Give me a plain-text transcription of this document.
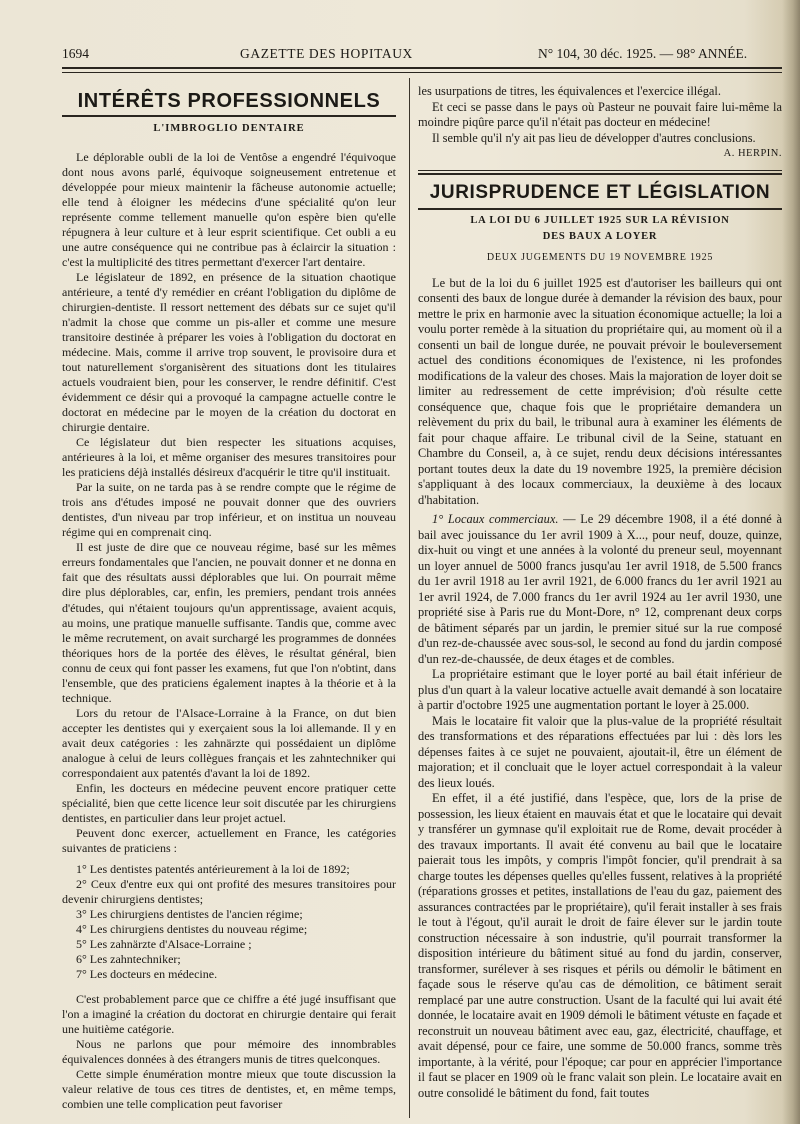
1694	GAZETTE DES HOPITAUX	N° 104, 30 déc. 1925. — 98° ANNÉE.
INTÉRÊTS PROFESSIONNELS
L'IMBROGLIO DENTAIRE

Le déplorable oubli de la loi de Ventôse a engendré l'équivoque dont nous avons parlé, équivoque soigneusement entretenue et développée pour mieux maintenir la fâcheuse autonomie actuelle; elle tend à éloigner les médecins d'une spécialité qu'on leur représente comme tellement manuelle qu'on espère bien qu'elle répugnera à leur culture et à leur esprit scientifique. Cet oubli a eu une autre conséquence qui ne contribue pas à éclaircir la situation : c'est la multiplicité des titres permettant d'exercer l'art dentaire.

Le législateur de 1892, en présence de la situation chaotique antérieure, a tenté d'y remédier en créant l'obligation du diplôme de chirurgien-dentiste. Il ressort nettement des débats sur ce sujet qu'il n'admit la chose que comme un pis-aller et comme une mesure transitoire destinée à préparer les voies à l'obligation du doctorat en médecine. Mais, comme il arrive trop souvent, le provisoire dura et tout naturellement s'organisèrent des situations dont les titulaires actuels voudraient bien, pour les conserver, le rendre définitif. C'est évidemment ce désir qui a provoqué la campagne actuelle contre le doctorat en médecine par le moyen de la création du doctorat en chirurgie dentaire.

Ce législateur dut bien respecter les situations acquises, antérieures à la loi, et même organiser des mesures transitoires pour les praticiens déjà installés désireux d'acquérir le titre qu'il instituait.

Par la suite, on ne tarda pas à se rendre compte que le régime de trois ans d'études imposé ne pouvait donner que des ouvriers dentistes, d'un niveau par trop inférieur, et on institua un nouveau régime qui en comprenait cinq.

Il est juste de dire que ce nouveau régime, basé sur les mêmes erreurs fondamentales que l'ancien, ne pouvait donner et ne donna en fait que des résultats aussi déplorables que lui. On pourrait même dire plus déplorables, car, enfin, les premiers, pendant trois années d'études, qui n'étaient toujours qu'un apprentissage, avaient acquis, au moins, une pratique manuelle suffisante. Tandis que, comme avec le même recrutement, on avait surchargé les programmes de données théoriques hors de la portée des élèves, le résultat général, bien connu de ceux qui font passer les examens, fut que l'on n'obtint, dans l'ensemble, que des praticiens également inaptes à la théorie et à la technique.

Lors du retour de l'Alsace-Lorraine à la France, on dut bien accepter les dentistes qui y exerçaient sous la loi allemande. Il y en avait deux catégories : les zahnärzte qui possédaient un diplôme analogue à celui de leurs collègues français et les zahntechniker qui correspondaient aux patentés d'avant la loi de 1892.

Enfin, les docteurs en médecine peuvent encore pratiquer cette spécialité, bien que cette licence leur soit discutée par les chirurgiens dentistes, en particulier dans leur projet actuel.

Peuvent donc exercer, actuellement en France, les catégories suivantes de praticiens :

1° Les dentistes patentés antérieurement à la loi de 1892;

2° Ceux d'entre eux qui ont profité des mesures transitoires pour devenir chirurgiens dentistes;

3° Les chirurgiens dentistes de l'ancien régime;

4° Les chirurgiens dentistes du nouveau régime;

5° Les zahnärzte d'Alsace-Lorraine ;

6° Les zahntechniker;

7° Les docteurs en médecine.

C'est probablement parce que ce chiffre a été jugé insuffisant que l'on a imaginé la création du doctorat en chirurgie dentaire qui ferait une huitième catégorie.

Nous ne parlons que pour mémoire des innombrables équivalences données à des étrangers munis de titres quelconques.

Cette simple énumération montre mieux que toute discussion la valeur relative de tous ces titres de dentistes, et, en même temps, combien une telle complication peut favoriser

les usurpations de titres, les équivalences et l'exercice illégal.

Et ceci se passe dans le pays où Pasteur ne pouvait faire lui-même la moindre piqûre parce qu'il n'était pas docteur en médecine!

Il semble qu'il n'y ait pas lieu de développer d'autres conclusions.

A. HERPIN.
JURISPRUDENCE ET LÉGISLATION
LA LOI DU 6 JUILLET 1925 SUR LA RÉVISION
DES BAUX A LOYER
DEUX JUGEMENTS DU 19 NOVEMBRE 1925

Le but de la loi du 6 juillet 1925 est d'autoriser les bailleurs qui ont consenti des baux de longue durée à demander la révision des baux, pour mettre le prix en harmonie avec la situation économique actuelle; la loi a voulu porter remède à la situation du propriétaire qui, au moment où il a consenti un bail de longue durée, ne pouvait prévoir le bouleversement actuel des conditions économiques de l'existence, ni les profondes modifications de la valeur des choses. Mais la majoration de loyer doit se limiter au redressement de cette imprévision; d'où résulte cette conséquence que, chaque fois que le propriétaire demandera un relèvement du prix du bail, le tribunal aura à examiner les éléments de fait pour chaque affaire. Le tribunal civil de la Seine, statuant en Chambre du Conseil, a, à ce sujet, rendu deux décisions intéressantes portant toutes deux la date du 19 novembre 1925, la première décision s'appliquant à des locaux commerciaux, la deuxième à des locaux d'habitation.

1° Locaux commerciaux. — Le 29 décembre 1908, il a été donné à bail avec jouissance du 1er avril 1909 à X..., pour neuf, douze, quinze, dix-huit ou vingt et une années à la volonté du preneur seul, moyennant un loyer annuel de 5000 francs jusqu'au 1er avril 1918, de 5.500 francs du 1er avril 1918 au 1er avril 1921, de 6.000 francs du 1er avril 1921 au 1er avril 1924, de 7.000 francs du 1er avril 1924 au 1er avril 1930, une propriété sise à Paris rue du Mont-Dore, n° 12, comprenant deux corps de bâtiment séparés par un jardin, le premier situé sur la rue composé d'un rez-de-chaussée avec sous-sol, le second au fond du jardin composé d'un rez-de-chaussée, de deux étages et de combles.

La propriétaire estimant que le loyer porté au bail était inférieur de plus d'un quart à la valeur locative actuelle avait demandé à son locataire à partir d'octobre 1925 une augmentation portant le loyer à 25.000.

Mais le locataire fit valoir que la plus-value de la propriété résultait des transformations et des réparations effectuées par lui : dès lors les dépenses faites à ce sujet ne pouvaient, ajoutait-il, être un élément de majoration; et il concluait que le loyer actuel correspondait à la valeur des lieux loués.

En effet, il a été justifié, dans l'espèce, que, lors de la prise de possession, les lieux étaient en mauvais état et que le locataire qui devait y transférer un gymnase qu'il exploitait rue de Rome, devait procéder à des travaux importants. Il avait été convenu au bail que le locataire paierait tous les impôts, y compris l'impôt foncier, qu'il prendrait à sa charge toutes les dépenses quelles qu'elles fussent, relatives à la propriété (réparations grosses et petites, installations de l'eau du gaz, paiement des assurances contractées par le propriétaire), qu'il ferait installer à ses frais le tout à l'égout, qu'il aurait le droit de faire élever sur le jardin toute construction nécessaire à son industrie, qu'il pourrait transformer la disposition intérieure du bâtiment situé au fond du jardin, conserver, transformer, surélever à ses risques et périls ou démolir le bâtiment en façade sous le réserve qu'au cas de démolition, ce bâtiment serait remplacé par une autre construction. Usant de la faculté qui lui avait été donnée, le locataire avait en 1909 démoli le bâtiment vétuste en façade et reconstruit un nouveau bâtiment avec eau, gaz, électricité, chauffage, et avait dépensé, pour ce faire, une somme de 50.000 francs, somme très importante, à la vérité, pour l'époque; car pour en apprécier l'importance il faut se placer en 1909 où le franc valait son plein. Le locataire avait en outre consolidé le bâtiment du fond, fait toutes
